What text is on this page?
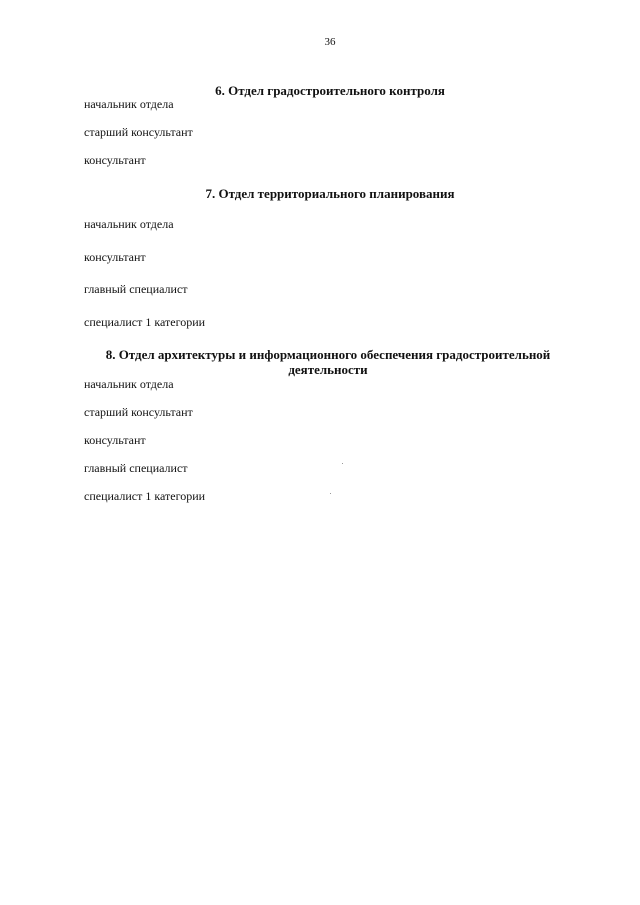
36
6. Отдел градостроительного контроля
начальник отдела
старший консультант
консультант
7. Отдел территориального планирования
начальник отдела
консультант
главный специалист
специалист 1 категории
8. Отдел архитектуры и информационного обеспечения градостроительной
деятельности
начальник отдела
старший консультант
консультант
главный специалист
специалист 1 категории
